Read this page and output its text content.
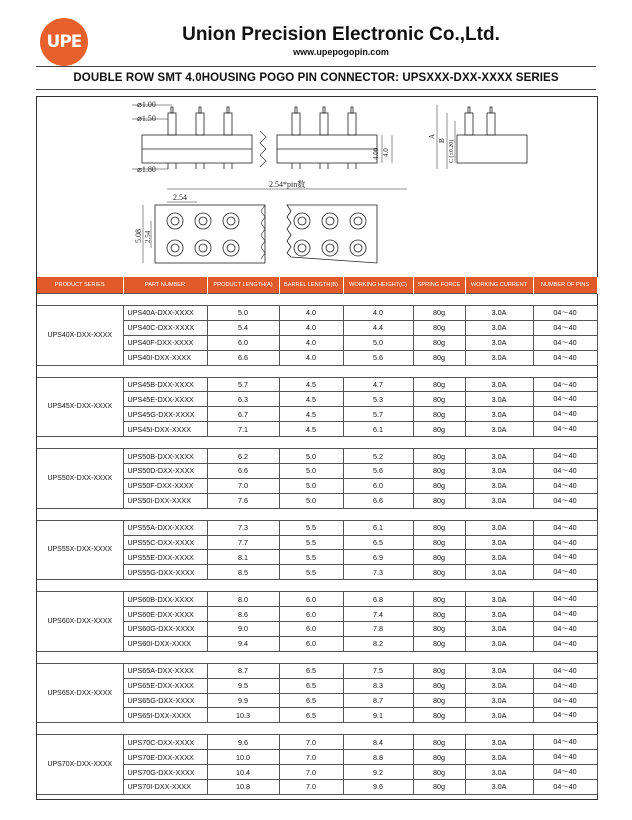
UPE	Union Precision Electronic Co.,Ltd.
www.upepogopin.com
DOUBLE ROW SMT 4.0HOUSING POGO PIN CONNECTOR: UPSXXX-DXX-XXXX SERIES
⌀1.00
⌀1.50
⌀1.80
4.00 4.0
A
B C (±0.20)
2.54*pin数
2.54
5.08 2.54
PRODUCT SERIES	PART NUMBER	PRODUCT LENGTH(A)	BARREL LENGTH(B)	WORKING HEIGHT(C)	SPRING FORCE	WORKING CURRENT	NUMBER OF PINS

UPS40X-DXX-XXXX	UPS40A-DXX-XXXX	5.0	4.0	4.0	80g	3.0A	04～40
	UPS40C-DXX-XXXX	5.4	4.0	4.4	80g	3.0A	04～40
	UPS40F-DXX-XXXX	6.0	4.0	5.0	80g	3.0A	04～40
	UPS40I-DXX-XXXX	6.6	4.0	5.6	80g	3.0A	04～40

UPS45X-DXX-XXXX	UPS45B-DXX-XXXX	5.7	4.5	4.7	80g	3.0A	04～40
	UPS45E-DXX-XXXX	6.3	4.5	5.3	80g	3.0A	04～40
	UPS45G-DXX-XXXX	6.7	4.5	5.7	80g	3.0A	04～40
	UPS45I-DXX-XXXX	7.1	4.5	6.1	80g	3.0A	04～40

UPS50X-DXX-XXXX	UPS50B-DXX-XXXX	6.2	5.0	5.2	80g	3.0A	04～40
	UPS50D-DXX-XXXX	6.6	5.0	5.6	80g	3.0A	04～40
	UPS50F-DXX-XXXX	7.0	5.0	6.0	80g	3.0A	04～40
	UPS50I-DXX-XXXX	7.6	5.0	6.6	80g	3.0A	04～40

UPS55X-DXX-XXXX	UPS55A-DXX-XXXX	7.3	5.5	6.1	80g	3.0A	04～40
	UPS55C-DXX-XXXX	7.7	5.5	6.5	80g	3.0A	04～40
	UPS55E-DXX-XXXX	8.1	5.5	6.9	80g	3.0A	04～40
	UPS55G-DXX-XXXX	8.5	5.5	7.3	80g	3.0A	04～40

UPS60X-DXX-XXXX	UPS60B-DXX-XXXX	8.0	6.0	6.8	80g	3.0A	04～40
	UPS60E-DXX-XXXX	8.6	6.0	7.4	80g	3.0A	04～40
	UPS60G-DXX-XXXX	9.0	6.0	7.8	80g	3.0A	04～40
	UPS60I-DXX-XXXX	9.4	6.0	8.2	80g	3.0A	04～40

UPS65X-DXX-XXXX	UPS65A-DXX-XXXX	8.7	6.5	7.5	80g	3.0A	04～40
	UPS65E-DXX-XXXX	9.5	6.5	8.3	80g	3.0A	04～40
	UPS65G-DXX-XXXX	9.9	6.5	8.7	80g	3.0A	04～40
	UPS65I-DXX-XXXX	10.3	6.5	9.1	80g	3.0A	04～40

UPS70X-DXX-XXXX	UPS70C-DXX-XXXX	9.6	7.0	8.4	80g	3.0A	04～40
	UPS70E-DXX-XXXX	10.0	7.0	8.8	80g	3.0A	04～40
	UPS70G-DXX-XXXX	10.4	7.0	9.2	80g	3.0A	04～40
	UPS70I-DXX-XXXX	10.8	7.0	9.6	80g	3.0A	04～40
